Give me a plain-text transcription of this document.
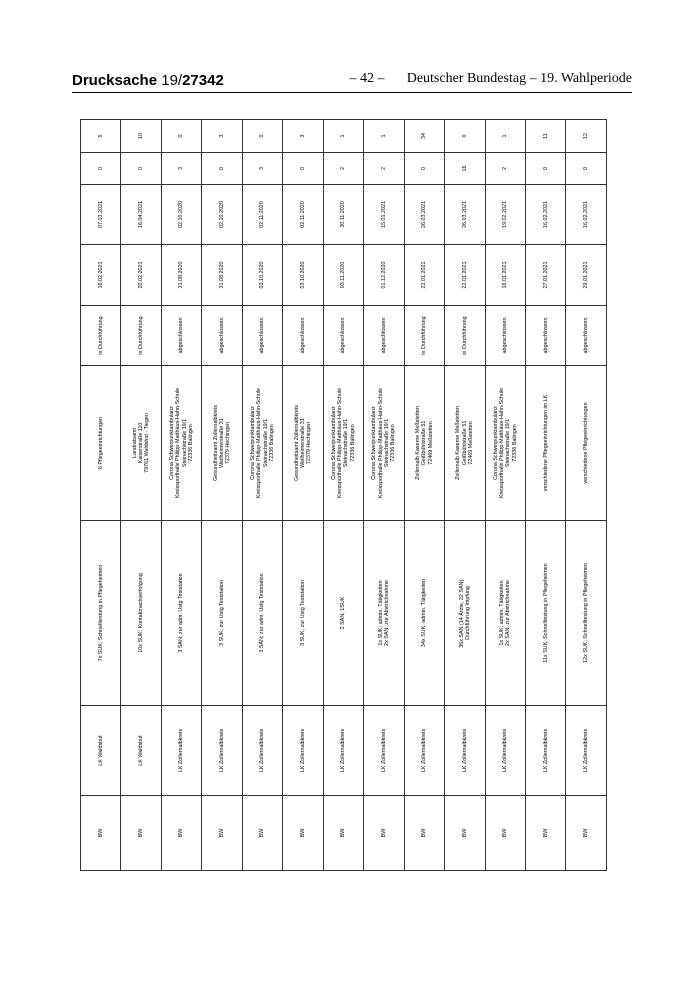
Drucksache 19/27342	– 42 –	Deutscher Bundestag – 19. Wahlperiode
BW	LK Waldshut	7x SUK; Schnelltestung in Pflegeheimen	6 Pflegeeinrichtungen	in Durchführung	16.02.2021	07.03.2021	0	5
BW	LK Waldshut	10x SUK; Kontaktnachverfolgung	Landratsamt Kaiserstraße 110 79761 Waldshut - Tiegen	in Durchführung	20.02.2021	16.04.2021	0	10
BW	LK Zollernalbkreis	3 SAN; zur adm. Ustg Teststation	Corona Schwerpunktambulanz Kreissporthalle Philipp-Matthäus-Hahn-Schule Steinachstraße 19/1 72336 Balingen	abgeschlossen	31.08.2020	02.10.2020	3	0
BW	LK Zollernalbkreis	3 SUK; zur Ustg Teststation	Gesundheitsamt Zollernalbkreis Weilheimerstraße 31 72379 Hechingen	abgeschlossen	31.08.2020	02.10.2020	0	3
BW	LK Zollernalbkreis	3 SAN; zur adm. Ustg Teststation	Corona Schwerpunktambulanz Kreissporthalle Philipp-Matthäus-Hahn-Schule Steinachstraße 19/1 72336 Balingen	abgeschlossen	03.10.2020	02.11.2020	3	0
BW	LK Zollernalbkreis	3 SUK; zur Ustg Teststation	Gesundheitsamt Zollernalbkreis Weilheimerstraße 31 72379 Hechingen	abgeschlossen	03.10.2020	02.11.2020	0	3
BW	LK Zollernalbkreis	2 SAN; 1SUK	Corona Schwerpunktambulanz Kreissporthalle Philipp-Matthäus-Hahn-Schule Steinachstraße 19/1 72336 Balingen	abgeschlossen	03.11.2020	30.11.2020	2	1
BW	LK Zollernalbkreis	1x SUK; admin. Tätigkeiten 2x SAN; zur Abstrichnahme	Corona Schwerpunktambulanz Kreissporthalle Philipp-Matthäus-Hahn-Schule Steinachstraße 19/1 72336 Balingen	abgeschlossen	01.12.2020	15.01.2021	2	1
BW	LK Zollernalbkreis	34x SUK; admin. Tätigkeiten	Zollernalb Kaserne Meßstetten Geißbühlstraße 51 72469 Meßstetten	in Durchführung	22.01.2021	26.03.2021	0	34
BW	LK Zollernalbkreis	36x SAN (14 Ärzte, 22 SAN); Durchführung Impfung	Zollernalb Kaserne Meßstetten Geißbühlstraße 51 72469 Meßstetten	in Durchführung	22.01.2021	26.03.2021	16	0
BW	LK Zollernalbkreis	1x SUK; admin. Tätigkeiten 2x SAN; zur Abstrichnahme	Corona Schwerpunktambulanz Kreissporthalle Philipp-Matthäus-Hahn-Schule Steinachstraße 19/1 72336 Balingen	abgeschlossen	16.01.2021	19.02.2021	2	1
BW	LK Zollernalbkreis	11x SUK; Schnelltestung in Pflegeheimen	verschiedene Pflegeeinrichtungen im LK	abgeschlossen	27.01.2021	16.02.2021	0	11
BW	LK Zollernalbkreis	12x SUK; Schnelltestung in Pflegeheimen	verschiedene Pflegeeinrichtungen	abgeschlossen	29.01.2021	16.02.2021	0	12
